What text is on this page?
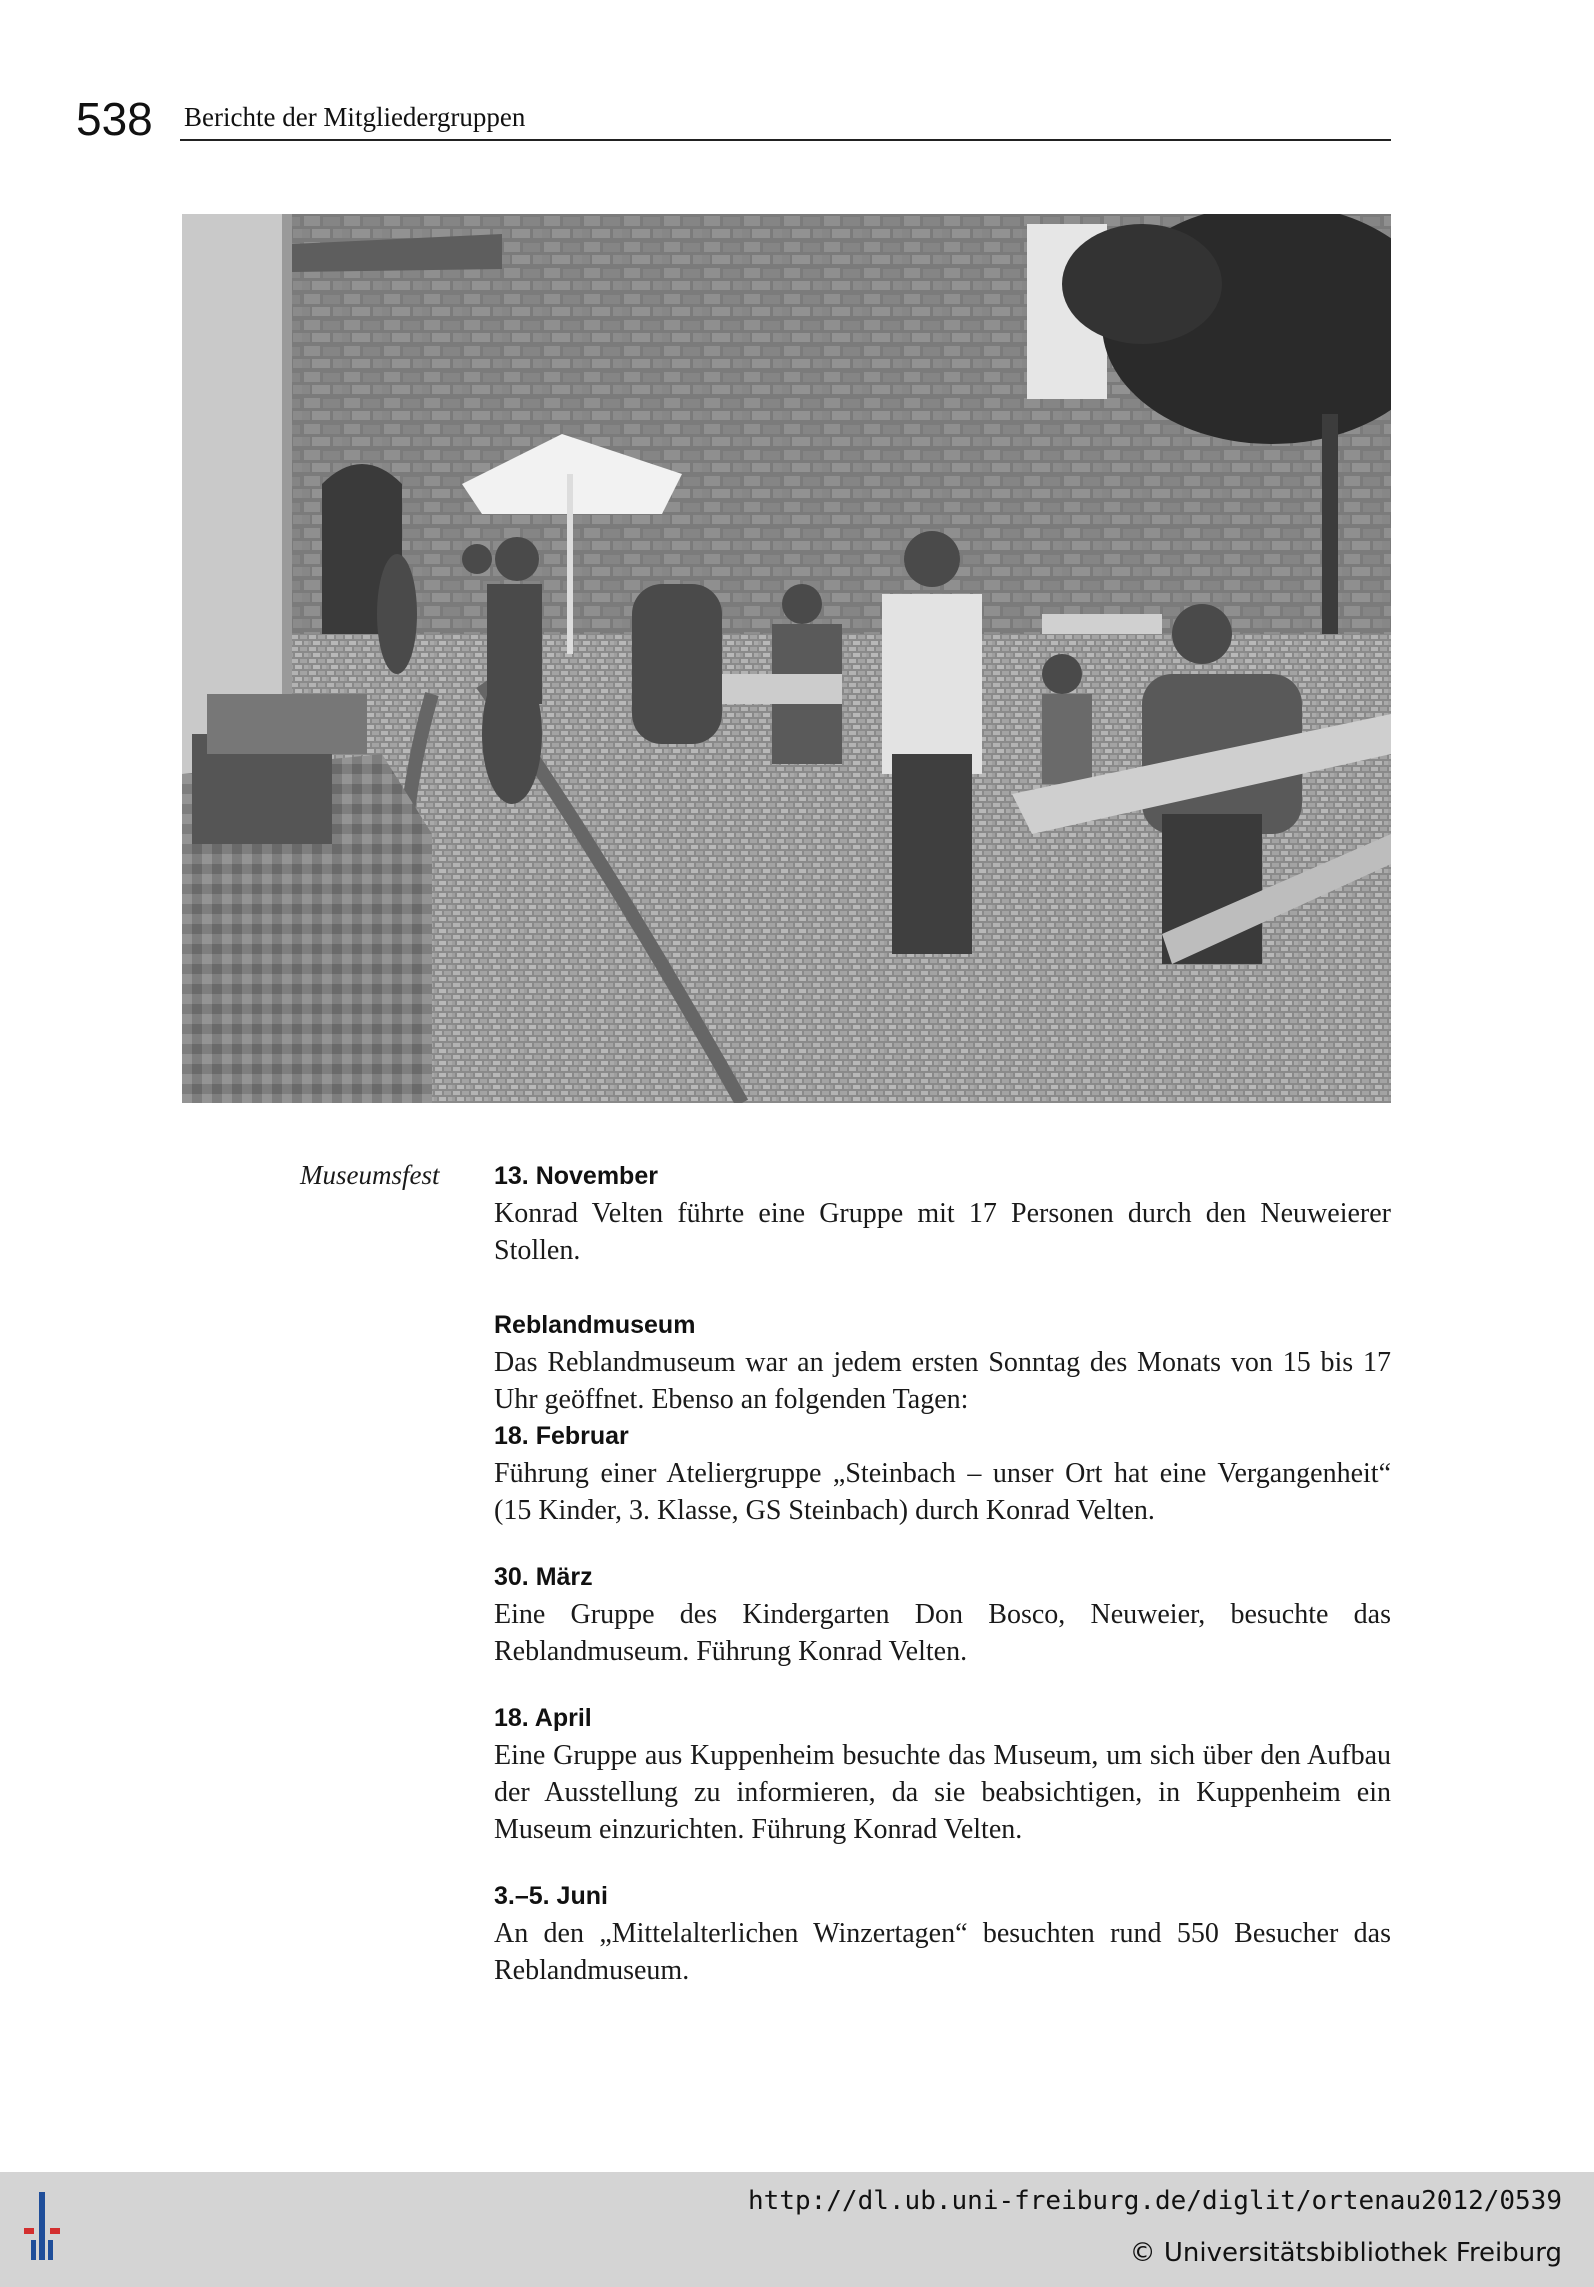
538 Berichte der Mitgliedergruppen
Museumsfest 13. November

Konrad Velten führte eine Gruppe mit 17 Personen durch den Neuweierer Stollen.

Reblandmuseum

Das Reblandmuseum war an jedem ersten Sonntag des Monats von 15 bis 17 Uhr geöffnet. Ebenso an folgenden Tagen:

18. Februar

Führung einer Ateliergruppe „Steinbach – unser Ort hat eine Vergangenheit“ (15 Kinder, 3. Klasse, GS Steinbach) durch Konrad Velten.

30. März

Eine Gruppe des Kindergarten Don Bosco, Neuweier, besuchte das Reblandmuseum. Führung Konrad Velten.

18. April

Eine Gruppe aus Kuppenheim besuchte das Museum, um sich über den Aufbau der Ausstellung zu informieren, da sie beabsichtigen, in Kuppenheim ein Museum einzurichten. Führung Konrad Velten.

3.–5. Juni

An den „Mittelalterlichen Winzertagen“ besuchten rund 550 Besucher das Reblandmuseum.

http://dl.ub.uni-freiburg.de/diglit/ortenau2012/0539
© Universitätsbibliothek Freiburg
